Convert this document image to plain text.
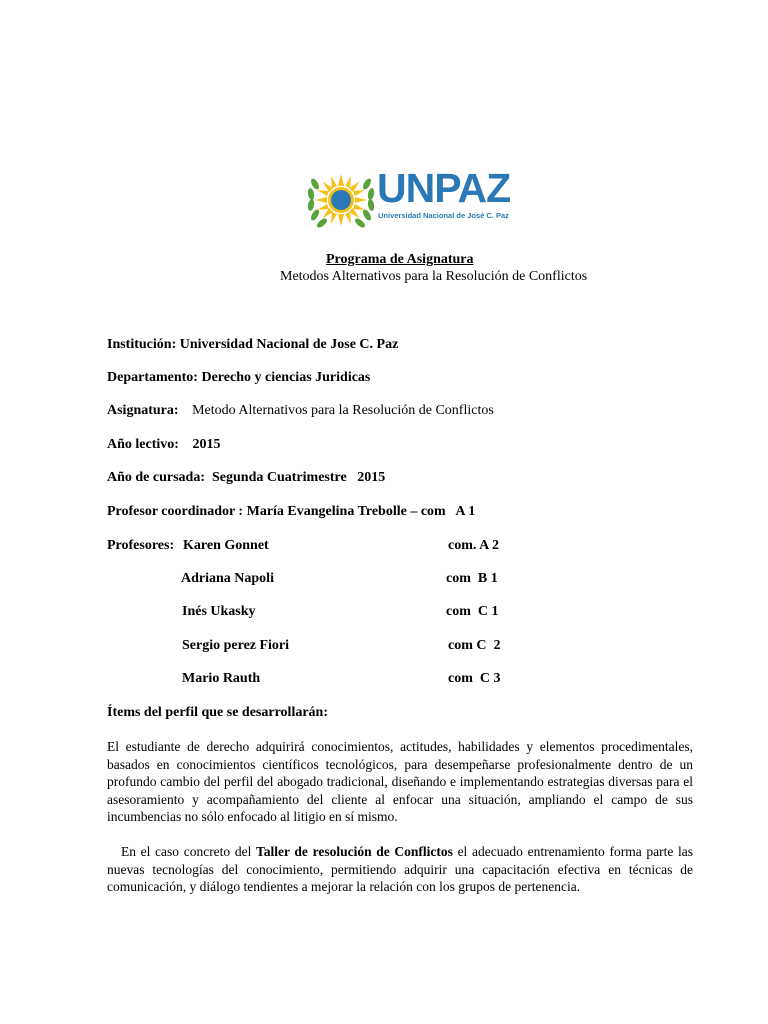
UNPAZ
Universidad Nacional de José C. Paz
Programa de Asignatura
Metodos Alternativos para la Resolución de Conflictos
Institución: Universidad Nacional de Jose C. Paz
Departamento: Derecho y ciencias Juridicas
Asignatura: Metodo Alternativos para la Resolución de Conflictos
Año lectivo: 2015
Año de cursada: Segunda Cuatrimestre   2015
Profesor coordinador : María Evangelina Trebolle – com   A 1
Profesores: Karen Gonnet	com. A 2
Adriana Napoli	com  B 1
Inés Ukasky	com  C 1
Sergio perez Fiori	com C  2
Mario Rauth	com  C 3
Ítems del perfil que se desarrollarán:
El estudiante de derecho adquirirá conocimientos, actitudes, habilidades y elementos procedimentales, basados en conocimientos científicos tecnológicos, para desempeñarse profesionalmente dentro de un profundo cambio del perfil del abogado tradicional, diseñando e implementando estrategias diversas para el asesoramiento y acompañamiento del cliente al enfocar una situación, ampliando el campo de sus incumbencias no sólo enfocado al litigio en sí mismo.
En el caso concreto del Taller de resolución de Conflictos el adecuado entrenamiento forma parte las nuevas tecnologías del conocimiento, permitiendo adquirir una capacitación efectiva en técnicas de comunicación, y diálogo tendientes a mejorar la relación con los grupos de pertenencia.
